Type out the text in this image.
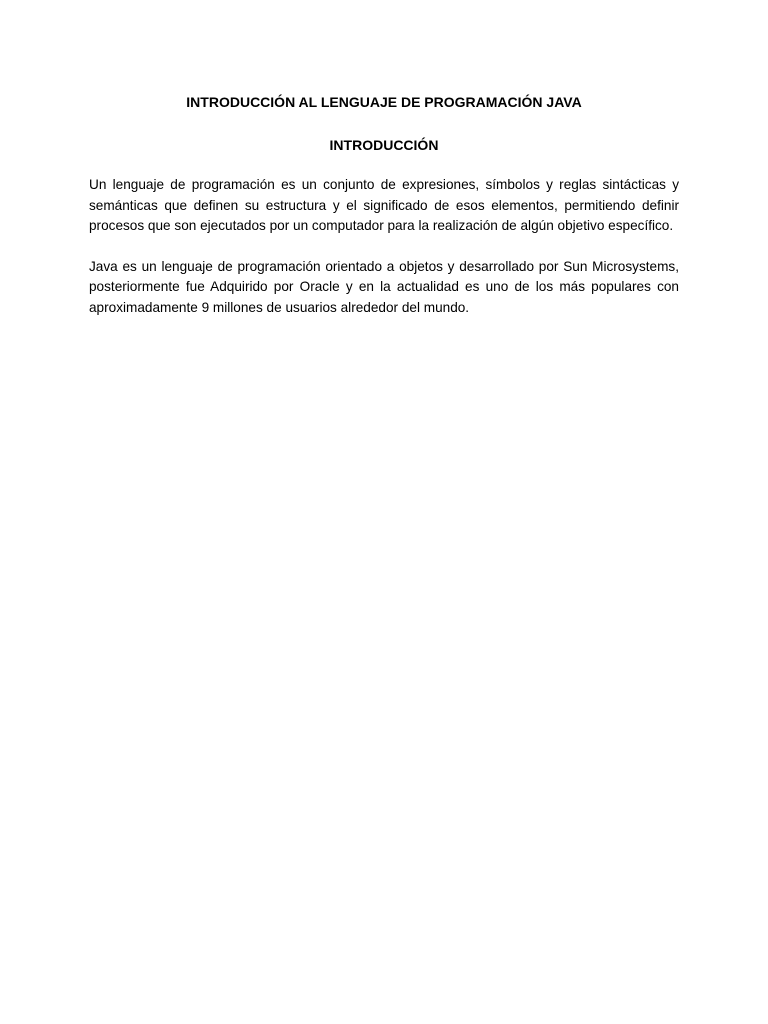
INTRODUCCIÓN AL LENGUAJE DE PROGRAMACIÓN JAVA
INTRODUCCIÓN

Un lenguaje de programación es un conjunto de expresiones, símbolos y reglas sintácticas y semánticas que definen su estructura y el significado de esos elementos, permitiendo definir procesos que son ejecutados por un computador para la realización de algún objetivo específico.

Java es un lenguaje de programación orientado a objetos y desarrollado por Sun Microsystems, posteriormente fue Adquirido por Oracle y en la actualidad es uno de los más populares con aproximadamente 9 millones de usuarios alrededor del mundo.
